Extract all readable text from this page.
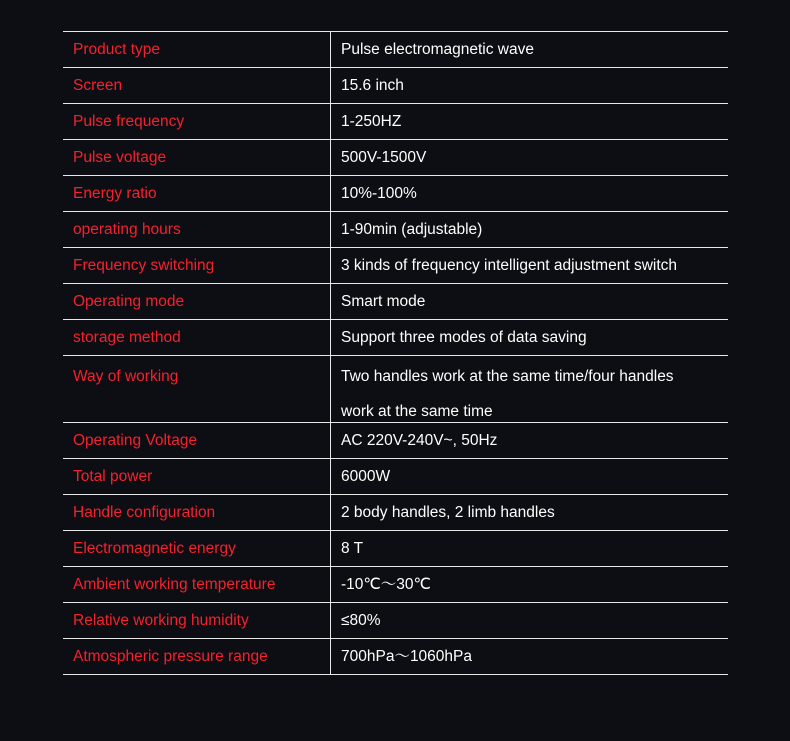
Product type	Pulse electromagnetic wave
Screen	15.6 inch
Pulse frequency	1-250HZ
Pulse voltage	500V-1500V
Energy ratio	10%-100%
operating hours	1-90min (adjustable)
Frequency switching	3 kinds of frequency intelligent adjustment switch
Operating mode	Smart mode
storage method	Support three modes of data saving
Way of working	Two handles work at the same time/four handles
work at the same time

Operating Voltage	AC 220V-240V~, 50Hz
Total power	6000W
Handle configuration	2 body handles, 2 limb handles
Electromagnetic energy	8 T
Ambient working temperature	-10℃～30℃
Relative working humidity	≤80%
Atmospheric pressure range	700hPa～1060hPa
